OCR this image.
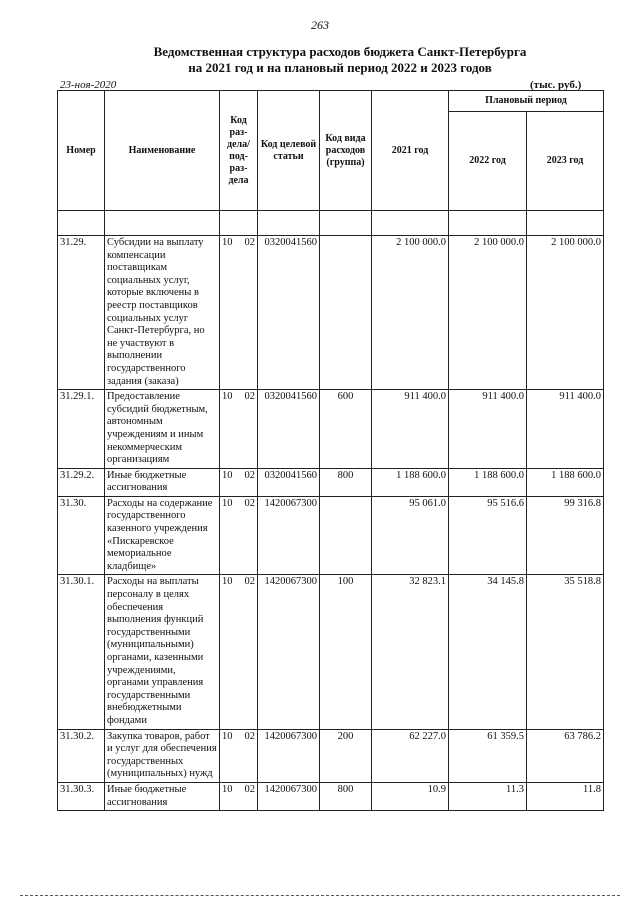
263
Ведомственная структура расходов бюджета Санкт-Петербурга
на 2021 год и на плановый период 2022 и 2023 годов
23-ноя-2020	(тыс. руб.)
Номер	Наименование	Код раз-дела/ под-раз-дела	Код целевой статьи	Код вида расходов (группа)	2021 год	Плановый период	
						2022 год	2023 год

31.29.	Субсидии на выплату компенсации поставщикам социальных услуг, которые включены в реестр поставщиков социальных услуг Санкт-Петербурга, но не участвуют в выполнении государственного задания (заказа)	10 02	0320041560		2 100 000.0	2 100 000.0	2 100 000.0
31.29.1.	Предоставление субсидий бюджетным, автономным учреждениям и иным некоммерческим организациям	10 02	0320041560	600	911 400.0	911 400.0	911 400.0
31.29.2.	Иные бюджетные ассигнования	10 02	0320041560	800	1 188 600.0	1 188 600.0	1 188 600.0
31.30.	Расходы на содержание государственного казенного учреждения «Пискаревское мемориальное кладбище»	10 02	1420067300		95 061.0	95 516.6	99 316.8
31.30.1.	Расходы на выплаты персоналу в целях обеспечения выполнения функций государственными (муниципальными) органами, казенными учреждениями, органами управления государственными внебюджетными фондами	10 02	1420067300	100	32 823.1	34 145.8	35 518.8
31.30.2.	Закупка товаров, работ и услуг для обеспечения государственных (муниципальных) нужд	10 02	1420067300	200	62 227.0	61 359.5	63 786.2
31.30.3.	Иные бюджетные ассигнования	10 02	1420067300	800	10.9	11.3	11.8
